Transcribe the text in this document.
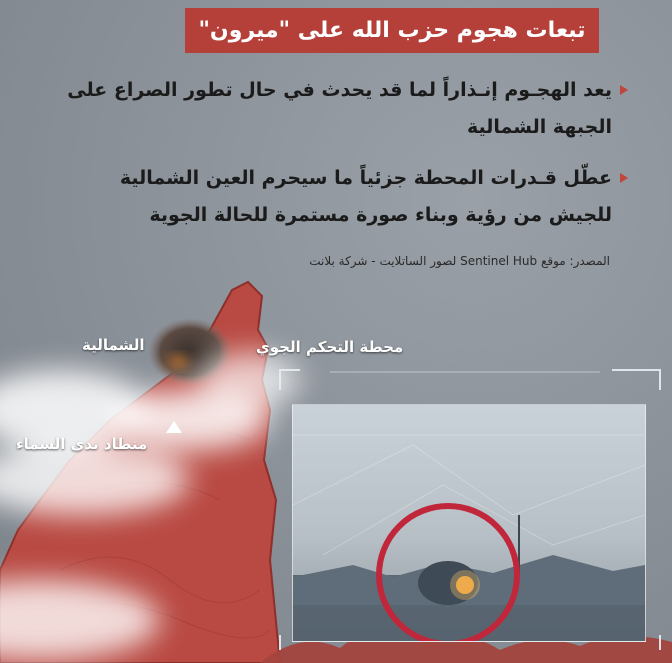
تبعات هجوم حزب الله على "ميرون"
يعد الهجـوم إنـذاراً لما قد يحدث في حال تطور الصراع على الجبهة الشمالية
عطّل قـدرات المحطة جزئياً ما سيحرم العين الشمالية للجيش من رؤية وبناء صورة مستمرة للحالة الجوية
المصدر: موقع Sentinel Hub لصور الساتلايت - شركة بلانت
محطة التحكم الجوي
الشمالية
منطاد ندى السماء
